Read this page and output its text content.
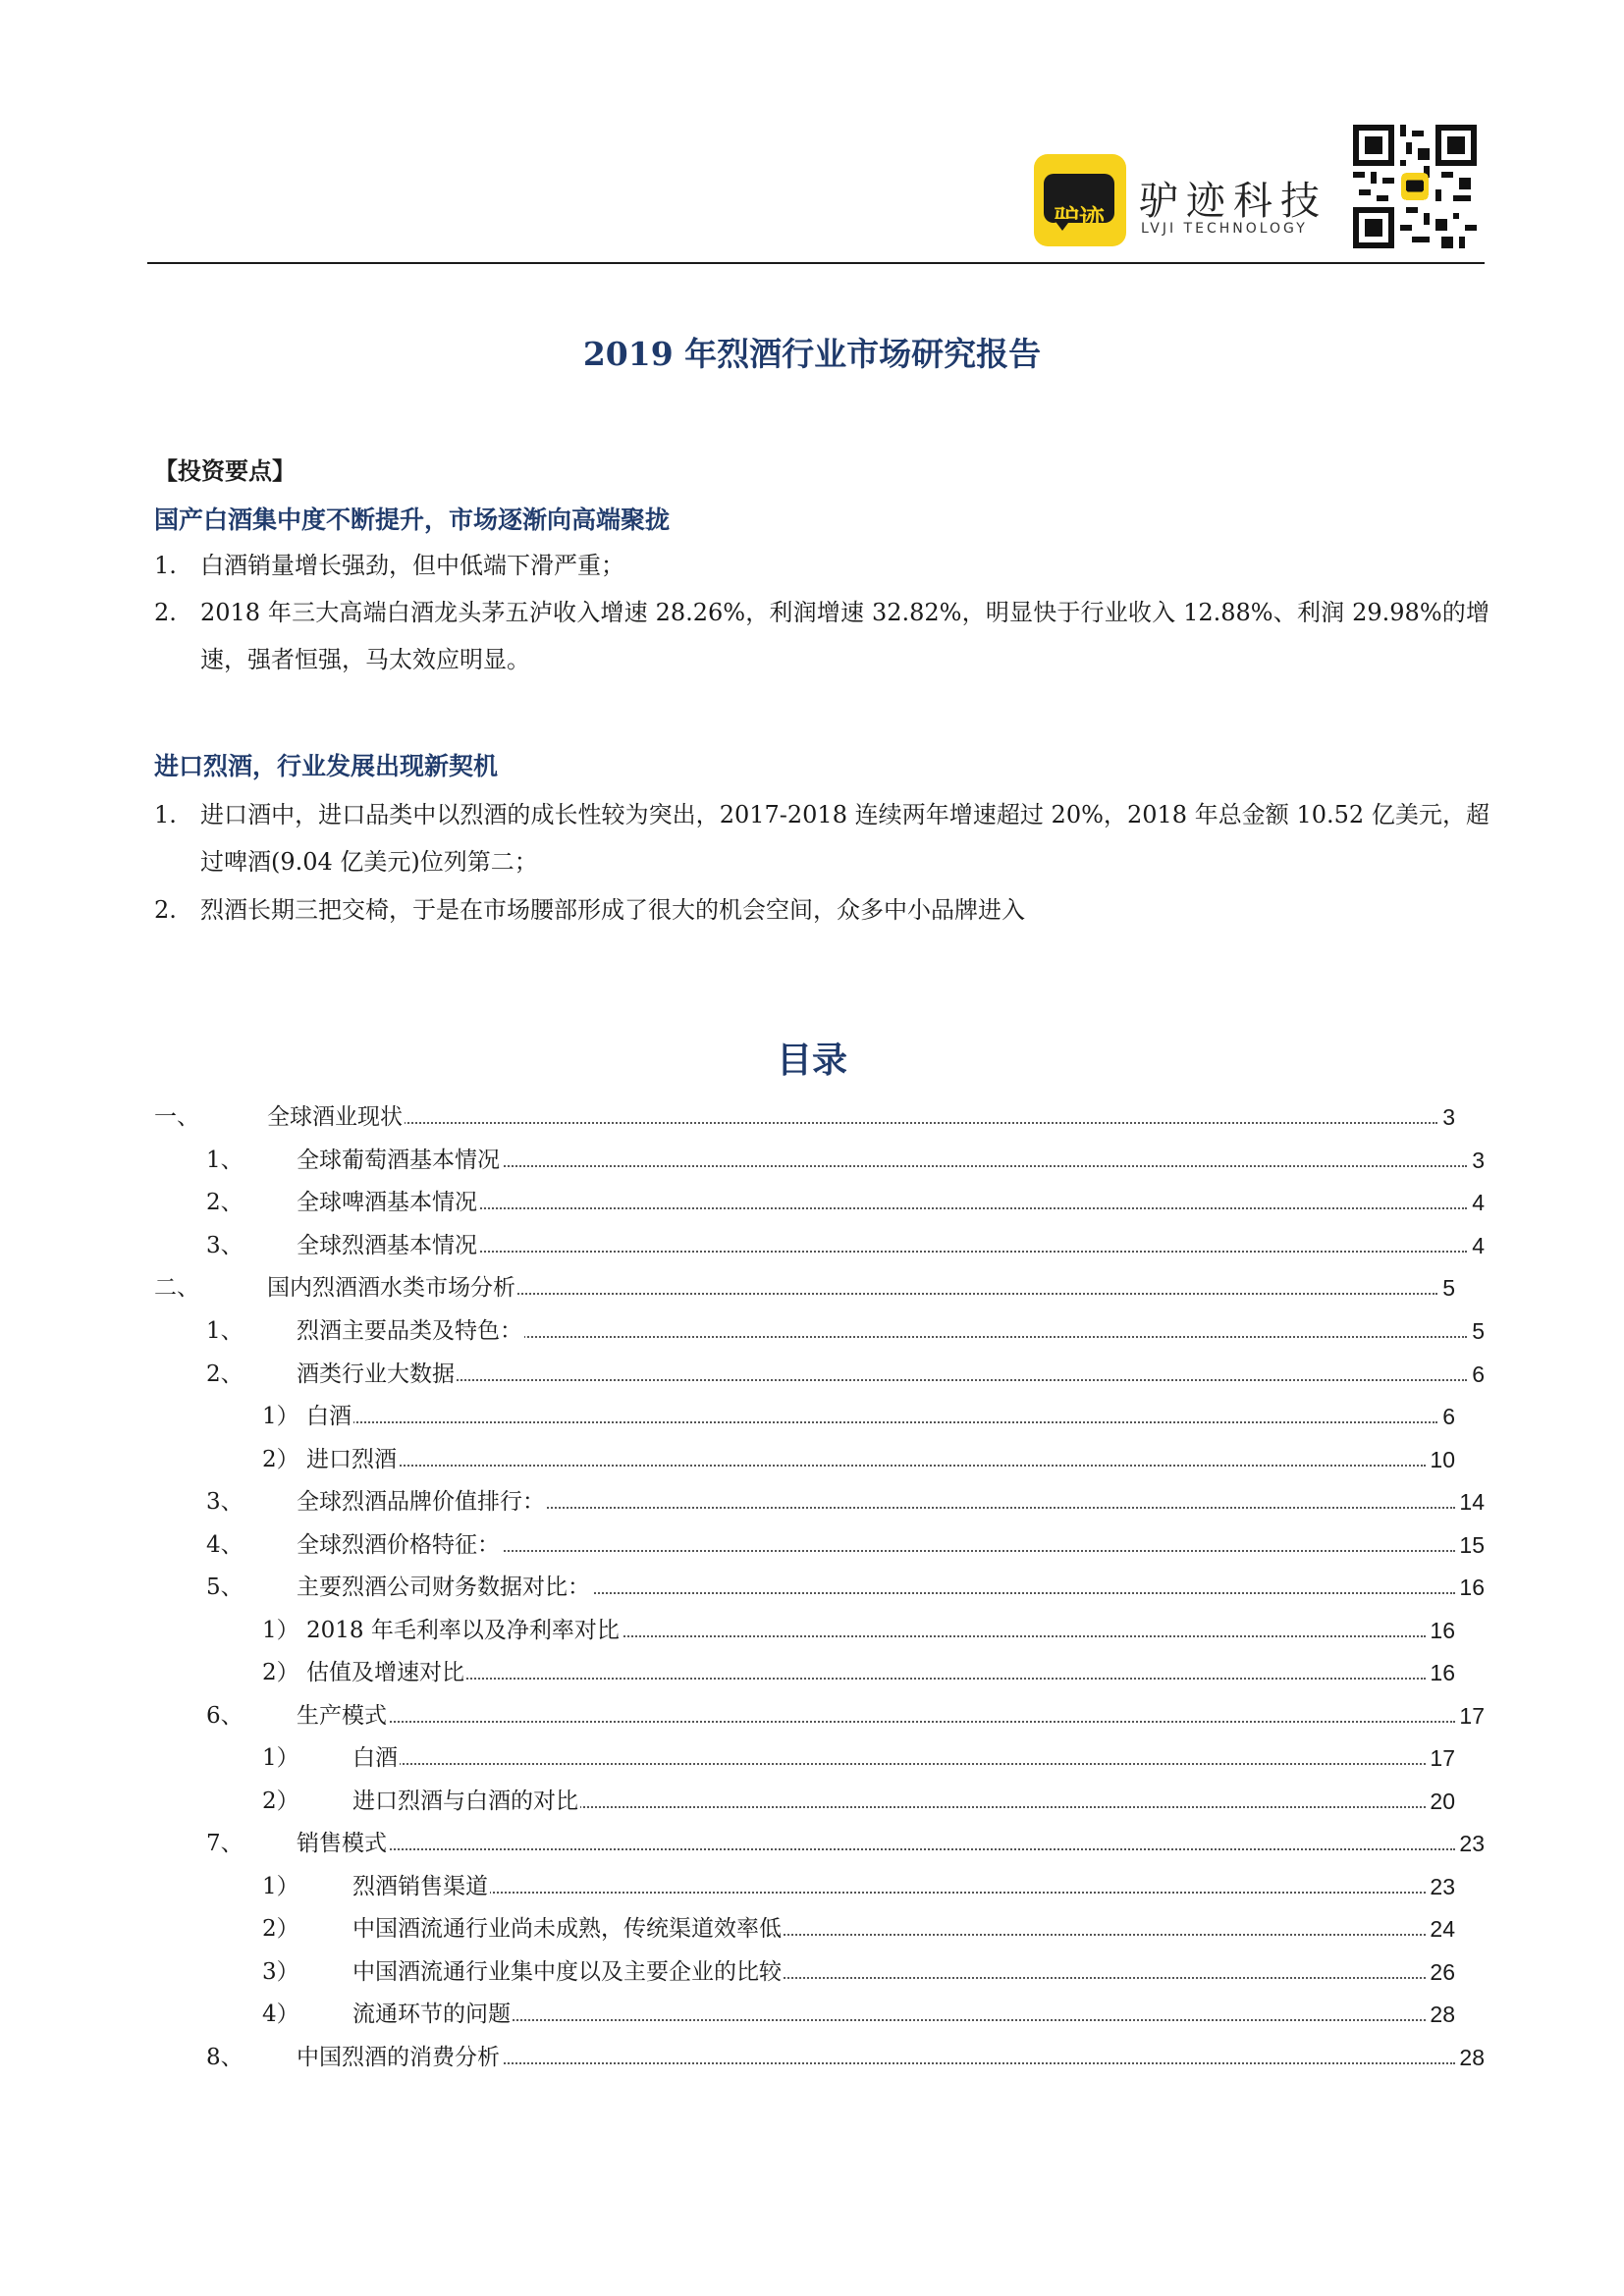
驴迹 驴迹科技
LVJI TECHNOLOGY
2019 年烈酒行业市场研究报告
【投资要点】
国产白酒集中度不断提升，市场逐渐向高端聚拢
1. 白酒销量增长强劲，但中低端下滑严重；
2. 2018 年三大高端白酒龙头茅五泸收入增速 28.26%，利润增速 32.82%，明显快于行业收入 12.88%、利润 29.98%的增速，强者恒强，马太效应明显。
进口烈酒，行业发展出现新契机
1. 进口酒中，进口品类中以烈酒的成长性较为突出，2017-2018 连续两年增速超过 20%，2018 年总金额 10.52 亿美元，超过啤酒(9.04 亿美元)位列第二；
2. 烈酒长期三把交椅，于是在市场腰部形成了很大的机会空间，众多中小品牌进入
目录
一、	全球酒业现状	3
1、 全球葡萄酒基本情况	3
2、 全球啤酒基本情况	4
3、 全球烈酒基本情况	4
二、	国内烈酒酒水类市场分析	5
1、 烈酒主要品类及特色：	5
2、 酒类行业大数据	6
1） 白酒	6
2） 进口烈酒	10
3、 全球烈酒品牌价值排行：	14
4、 全球烈酒价格特征：	15
5、 主要烈酒公司财务数据对比：	16
1） 2018 年毛利率以及净利率对比	16
2） 估值及增速对比	16
6、 生产模式	17
1） 白酒	17
2） 进口烈酒与白酒的对比	20
7、 销售模式	23
1） 烈酒销售渠道	23
2） 中国酒流通行业尚未成熟，传统渠道效率低	24
3） 中国酒流通行业集中度以及主要企业的比较	26
4） 流通环节的问题	28
8、 中国烈酒的消费分析	28
